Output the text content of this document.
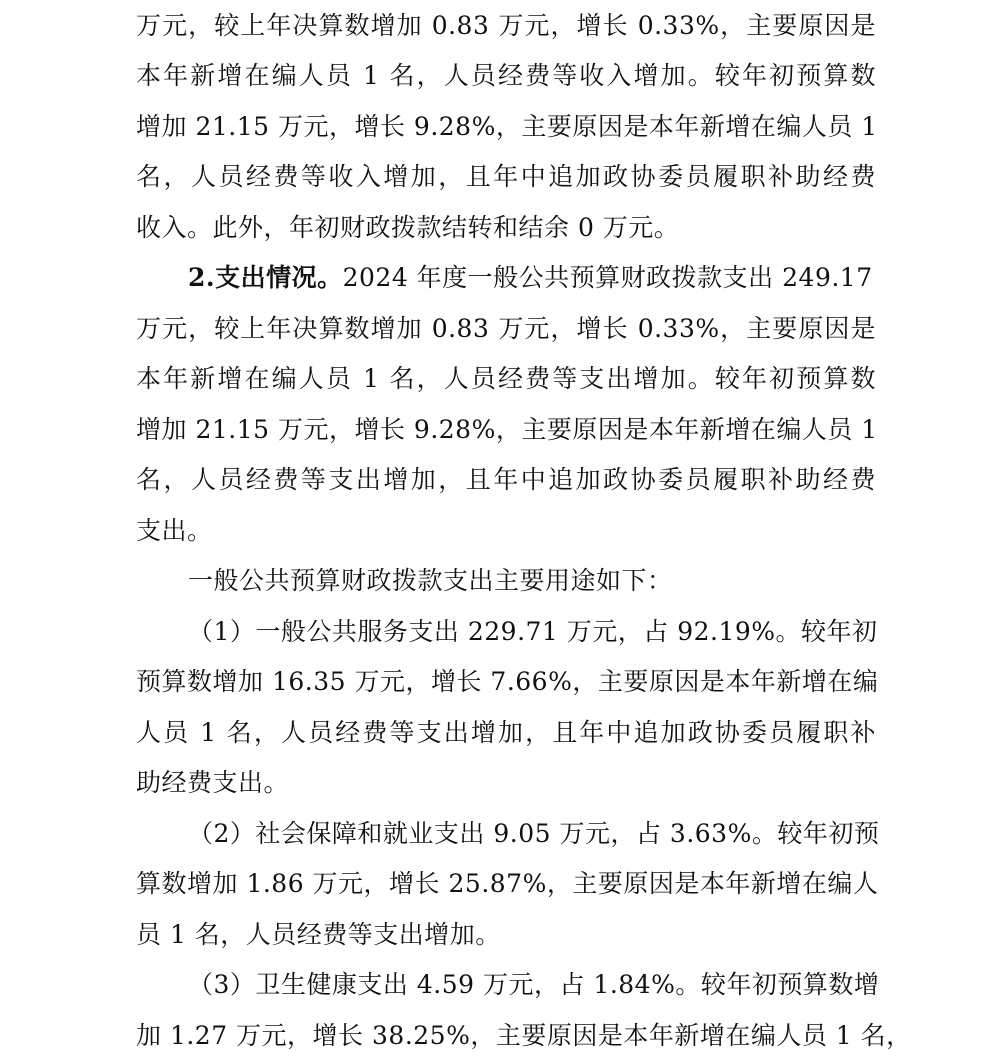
万元，较上年决算数增加 0.83 万元，增长 0.33%，主要原因是
本年新增在编人员 1 名，人员经费等收入增加。较年初预算数
增加 21.15 万元，增长 9.28%，主要原因是本年新增在编人员 1
名，人员经费等收入增加，且年中追加政协委员履职补助经费
收入。此外，年初财政拨款结转和结余 0 万元。
2.支出情况。2024 年度一般公共预算财政拨款支出 249.17
万元，较上年决算数增加 0.83 万元，增长 0.33%，主要原因是
本年新增在编人员 1 名，人员经费等支出增加。较年初预算数
增加 21.15 万元，增长 9.28%，主要原因是本年新增在编人员 1
名，人员经费等支出增加，且年中追加政协委员履职补助经费
支出。
一般公共预算财政拨款支出主要用途如下：
（1）一般公共服务支出 229.71 万元，占 92.19%。较年初
预算数增加 16.35 万元，增长 7.66%，主要原因是本年新增在编
人员 1 名，人员经费等支出增加，且年中追加政协委员履职补
助经费支出。
（2）社会保障和就业支出 9.05 万元，占 3.63%。较年初预
算数增加 1.86 万元，增长 25.87%，主要原因是本年新增在编人
员 1 名，人员经费等支出增加。
（3）卫生健康支出 4.59 万元，占 1.84%。较年初预算数增
加 1.27 万元，增长 38.25%，主要原因是本年新增在编人员 1 名，
